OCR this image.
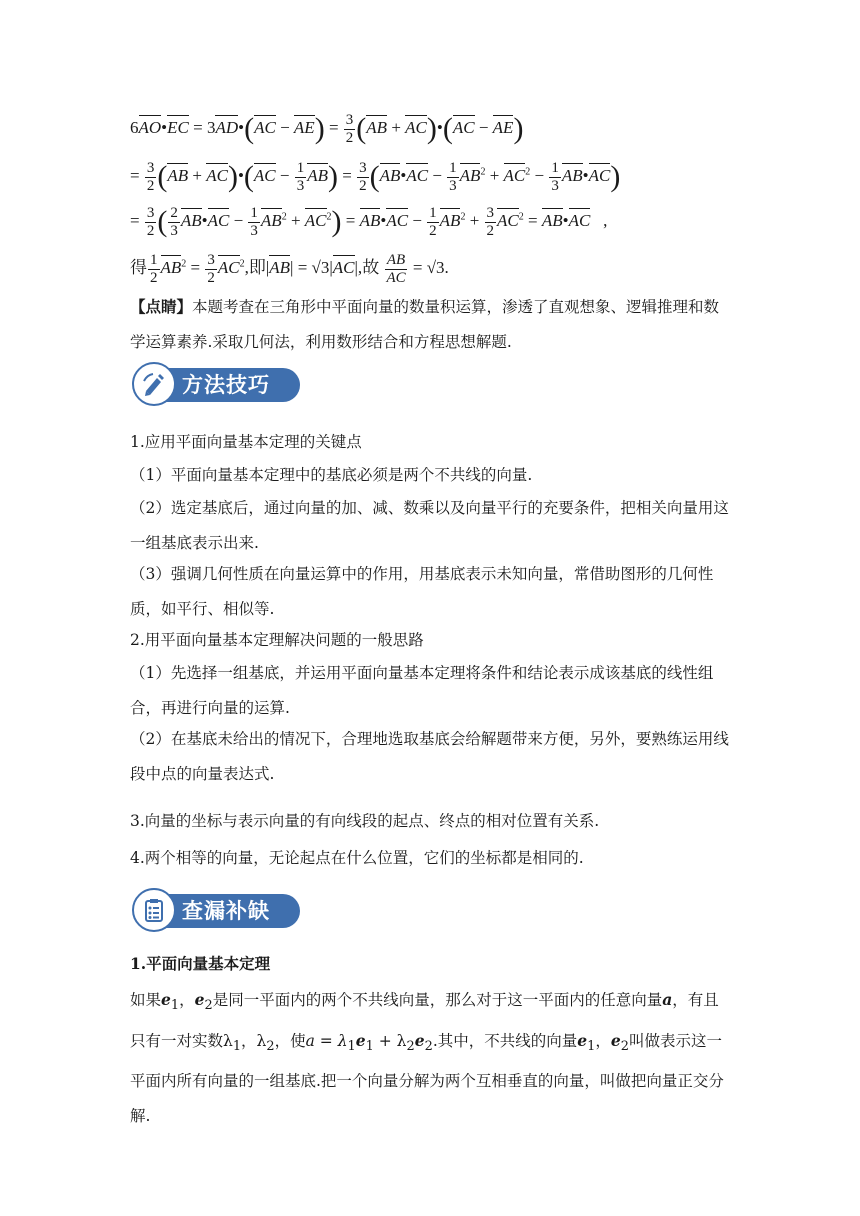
6AO•EC = 3AD•(AC − $AE) = \frac{3}{2} (AB$ + AC)•(AC − AE)
= $\frac{3}{2} (AB$ + AC)•(AC − $\frac{1}{3} AB) = \frac{3}{2}$ (AB•AC − $\frac{1}{3} AB^2 + AC^2 - \frac{1}{3}$ AB•AC)
= $\frac{3}{2}$ ( $\frac{2}{3}$ AB•AC − $\frac{1}{3} AB^2 + AC^2$) = AB•AC − $\frac{1}{2} AB^2 + \frac{3}{2} AC^2$ = AB•AC   ,
得 $\frac{1}{2} AB^2 = \frac{3}{2} AC^2$,即|AB| = √3|AC|,故 $\frac{AB}{AC} = √3$.

【点睛】本题考查在三角形中平面向量的数量积运算，渗透了直观想象、逻辑推理和数学运算素养.采取几何法，利用数形结合和方程思想解题.

方法技巧

1.应用平面向量基本定理的关键点

（1）平面向量基本定理中的基底必须是两个不共线的向量.

（2）选定基底后，通过向量的加、减、数乘以及向量平行的充要条件，把相关向量用这一组基底表示出来.

（3）强调几何性质在向量运算中的作用，用基底表示未知向量，常借助图形的几何性质，如平行、相似等.

2.用平面向量基本定理解决问题的一般思路

（1）先选择一组基底，并运用平面向量基本定理将条件和结论表示成该基底的线性组合，再进行向量的运算.

（2）在基底未给出的情况下，合理地选取基底会给解题带来方便，另外，要熟练运用线段中点的向量表达式.

3.向量的坐标与表示向量的有向线段的起点、终点的相对位置有关系.

4.两个相等的向量，无论起点在什么位置，它们的坐标都是相同的.

查漏补缺

1.平面向量基本定理

如果$e_1$，$e_2$是同一平面内的两个不共线向量，那么对于这一平面内的任意向量a，有且只有一对实数$\lambda_1$，$\lambda_2$，使$a = \lambda_1e_1 + \lambda_2e_2$.其中，不共线的向量$e_1$，$e_2$叫做表示这一平面内所有向量的一组基底.把一个向量分解为两个互相垂直的向量，叫做把向量正交分解.
